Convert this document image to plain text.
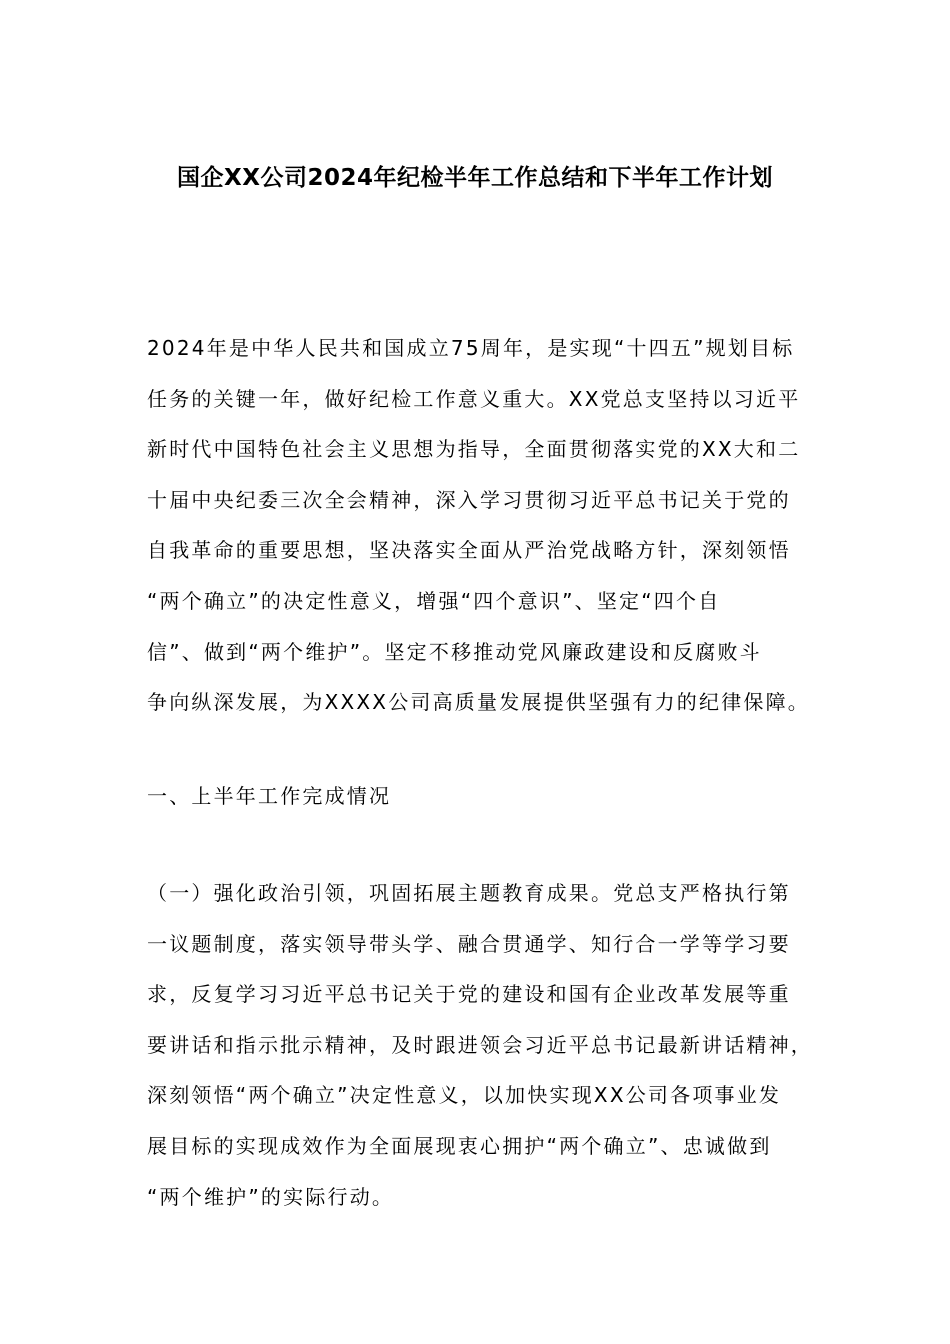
国企XX公司2024年纪检半年工作总结和下半年工作计划
2024年是中华人民共和国成立75周年，是实现“十四五”规划目标
任务的关键一年，做好纪检工作意义重大。XX党总支坚持以习近平
新时代中国特色社会主义思想为指导，全面贯彻落实党的XX大和二
十届中央纪委三次全会精神，深入学习贯彻习近平总书记关于党的
自我革命的重要思想，坚决落实全面从严治党战略方针，深刻领悟
“两个确立”的决定性意义，增强“四个意识”、坚定“四个自
信”、做到“两个维护”。坚定不移推动党风廉政建设和反腐败斗
争向纵深发展，为XXXX公司高质量发展提供坚强有力的纪律保障。
一、上半年工作完成情况
（一）强化政治引领，巩固拓展主题教育成果。党总支严格执行第
一议题制度，落实领导带头学、融合贯通学、知行合一学等学习要
求，反复学习习近平总书记关于党的建设和国有企业改革发展等重
要讲话和指示批示精神，及时跟进领会习近平总书记最新讲话精神，
深刻领悟“两个确立”决定性意义，以加快实现XX公司各项事业发
展目标的实现成效作为全面展现衷心拥护“两个确立”、忠诚做到
“两个维护”的实际行动。
